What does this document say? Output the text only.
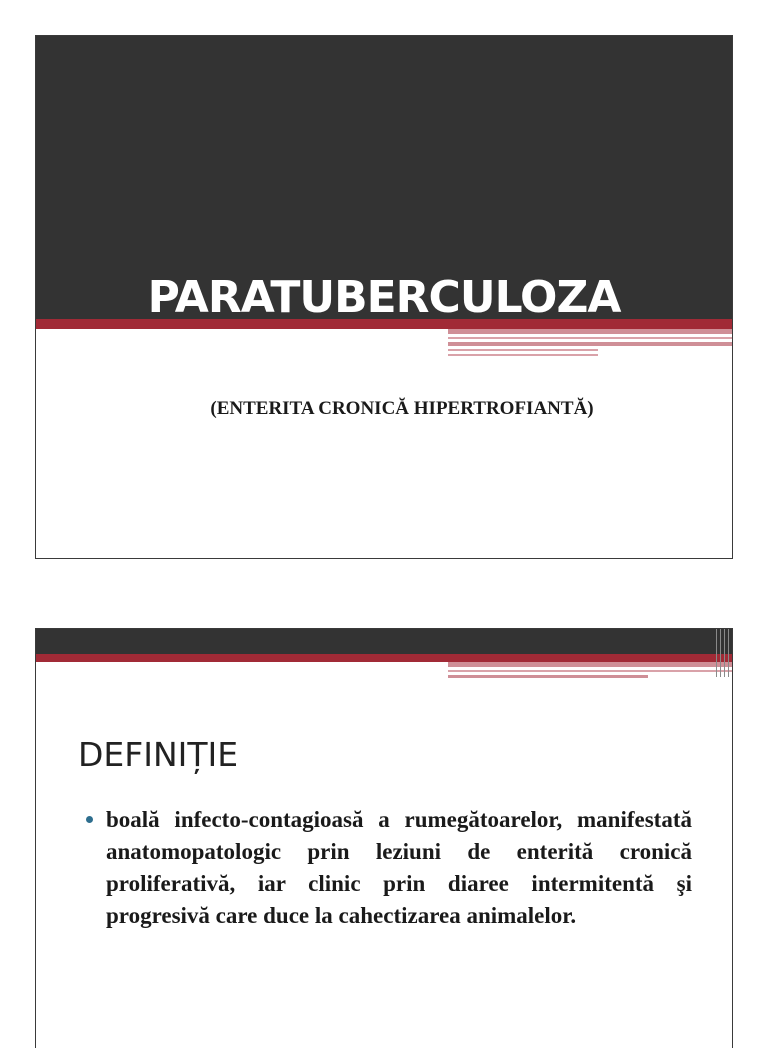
PARATUBERCULOZA
(ENTERITA CRONICĂ HIPERTROFIANTĂ)
DEFINIȚIE
boală infecto-contagioasă a rumegătoarelor, manifestată anatomopatologic prin leziuni de enterită cronică proliferativă, iar clinic prin diaree intermitentă şi progresivă care duce la cahectizarea animalelor.
